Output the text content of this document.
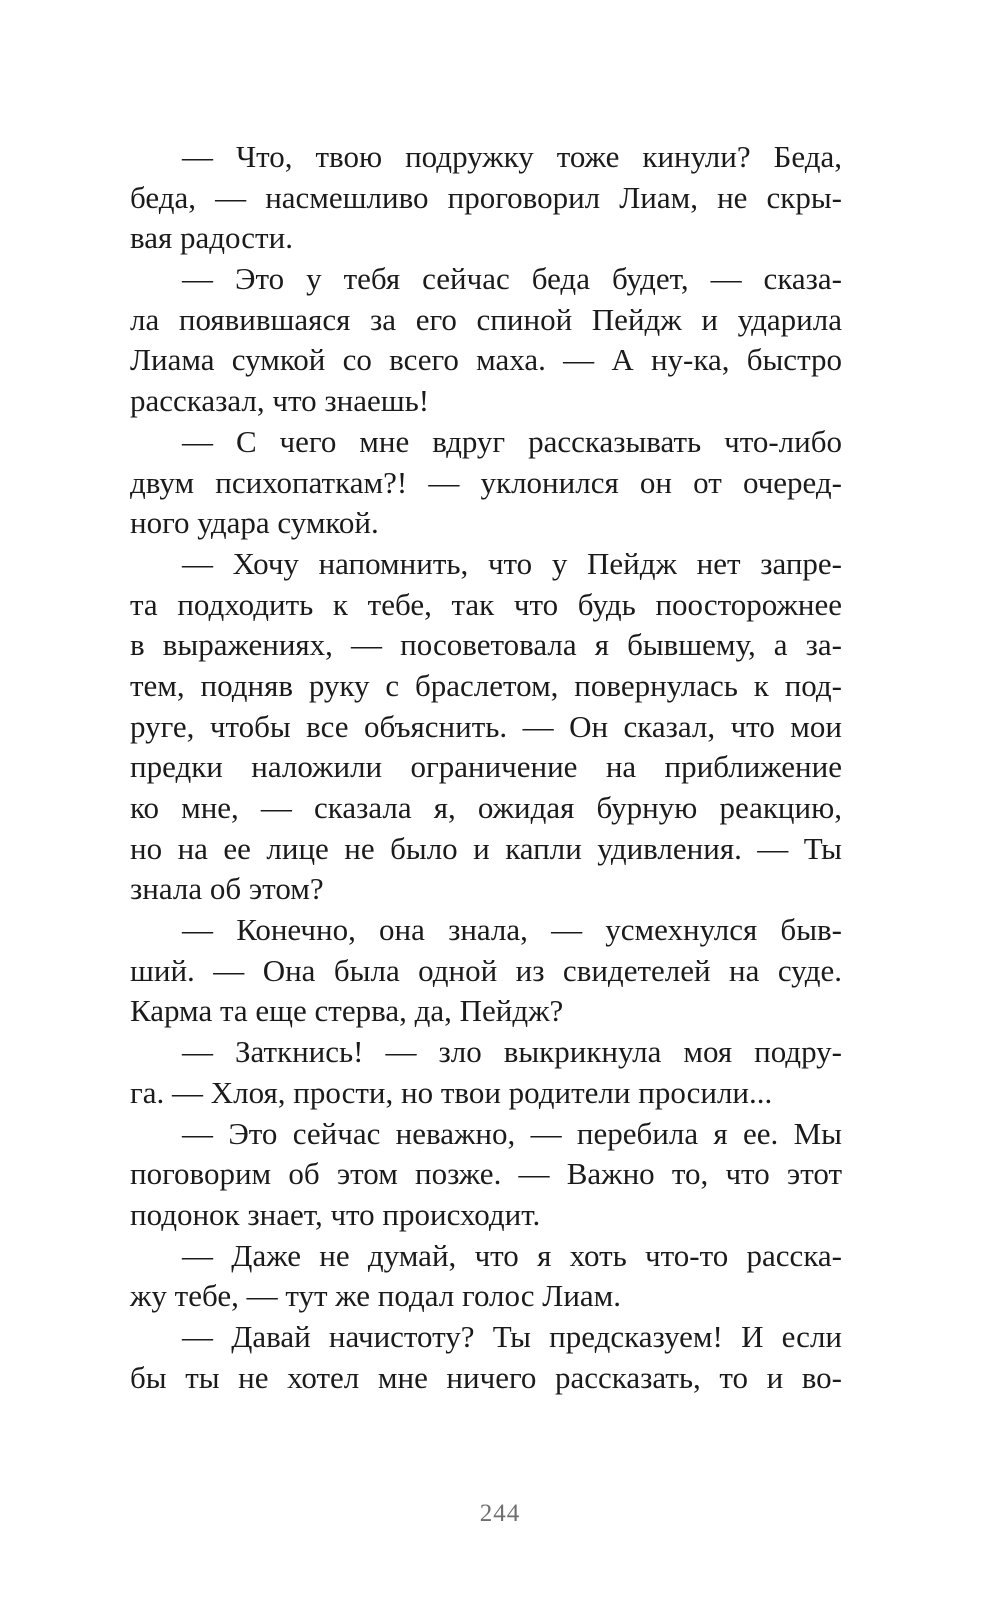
— Что, твою подружку тоже кинули? Беда,
беда, — насмешливо проговорил Лиам, не скры-
вая радости.
— Это у тебя сейчас беда будет, — сказа-
ла появившаяся за его спиной Пейдж и ударила
Лиама сумкой со всего маха. — А ну-ка, быстро
рассказал, что знаешь!
— С чего мне вдруг рассказывать что-либо
двум психопаткам?! — уклонился он от очеред-
ного удара сумкой.
— Хочу напомнить, что у Пейдж нет запре-
та подходить к тебе, так что будь поосторожнее
в выражениях, — посоветовала я бывшему, а за-
тем, подняв руку с браслетом, повернулась к под-
руге, чтобы все объяснить. — Он сказал, что мои
предки наложили ограничение на приближение
ко мне, — сказала я, ожидая бурную реакцию,
но на ее лице не было и капли удивления. — Ты
знала об этом?
— Конечно, она знала, — усмехнулся быв-
ший. — Она была одной из свидетелей на суде.
Карма та еще стерва, да, Пейдж?
— Заткнись! — зло выкрикнула моя подру-
га. — Хлоя, прости, но твои родители просили...
— Это сейчас неважно, — перебила я ее. Мы
поговорим об этом позже. — Важно то, что этот
подонок знает, что происходит.
— Даже не думай, что я хоть что-то расска-
жу тебе, — тут же подал голос Лиам.
— Давай начистоту? Ты предсказуем! И если
бы ты не хотел мне ничего рассказать, то и во-
244
